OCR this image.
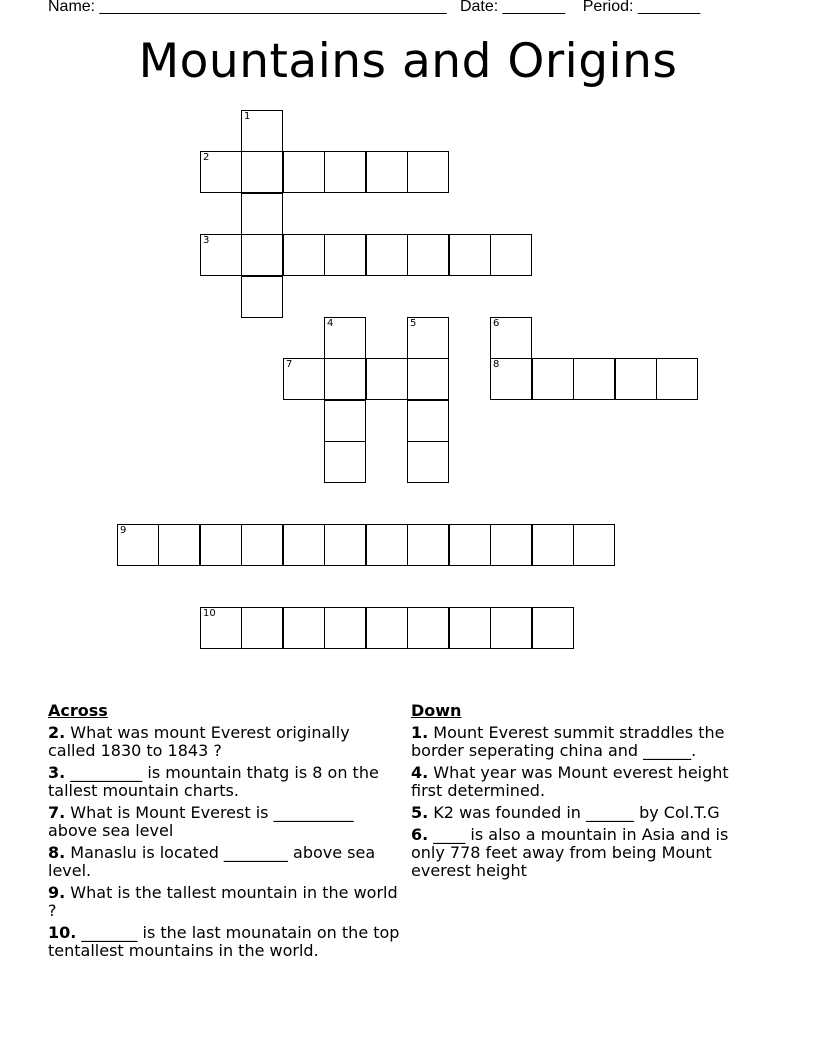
Name: _______________________________________ Date: _______ Period: _______
Mountains and Origins
1
2
3
4	5	6
7	8
9
10
Across
2. What was mount Everest originally called 1830 to 1843 ?
3. _________ is mountain thatg is 8 on the tallest mountain charts.
7. What is Mount Everest is __________ above sea level
8. Manaslu is located ________ above sea level.
9. What is the tallest mountain in the world ?
10. _______ is the last mounatain on the top tentallest mountains in the world.
Down
1. Mount Everest summit straddles the border seperating china and ______.
4. What year was Mount everest height first determined.
5. K2 was founded in ______ by Col.T.G
6. ____ is also a mountain in Asia and is only 778 feet away from being Mount everest height
